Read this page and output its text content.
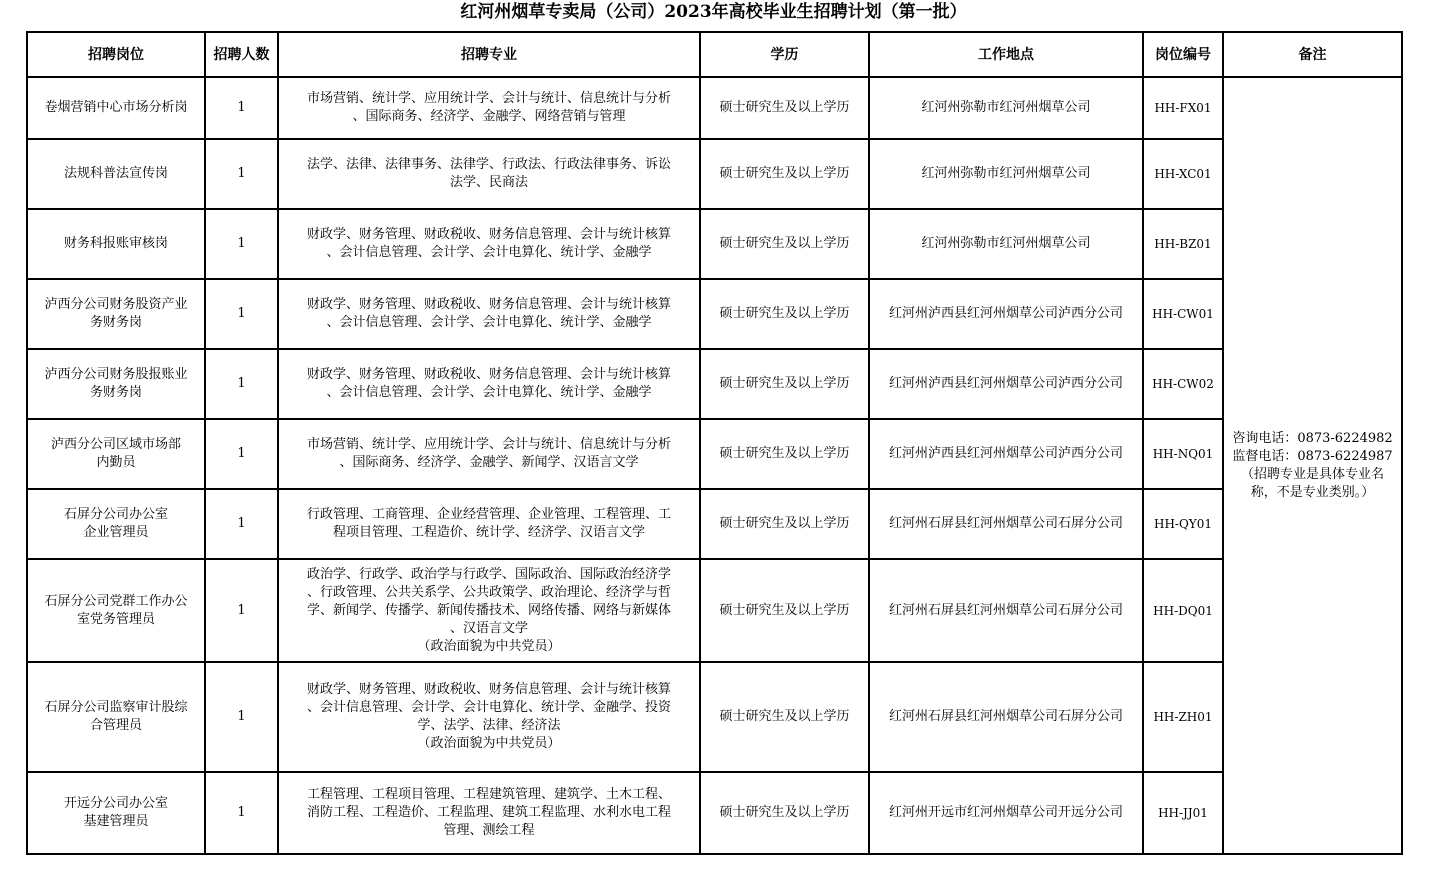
红河州烟草专卖局（公司）2023年高校毕业生招聘计划（第一批）
招聘岗位	招聘人数	招聘专业	学历	工作地点	岗位编号	备注
卷烟营销中心市场分析岗	1	市场营销、统计学、应用统计学、会计与统计、信息统计与分析
、国际商务、经济学、金融学、网络营销与管理	硕士研究生及以上学历	红河州弥勒市红河州烟草公司	HH-FX01	咨询电话：0873-6224982
监督电话：0873-6224987
（招聘专业是具体专业名
称，不是专业类别。）
法规科普法宣传岗	1	法学、法律、法律事务、法律学、行政法、行政法律事务、诉讼
法学、民商法	硕士研究生及以上学历	红河州弥勒市红河州烟草公司	HH-XC01	
财务科报账审核岗	1	财政学、财务管理、财政税收、财务信息管理、会计与统计核算
、会计信息管理、会计学、会计电算化、统计学、金融学	硕士研究生及以上学历	红河州弥勒市红河州烟草公司	HH-BZ01	
泸西分公司财务股资产业
务财务岗	1	财政学、财务管理、财政税收、财务信息管理、会计与统计核算
、会计信息管理、会计学、会计电算化、统计学、金融学	硕士研究生及以上学历	红河州泸西县红河州烟草公司泸西分公司	HH-CW01	
泸西分公司财务股报账业
务财务岗	1	财政学、财务管理、财政税收、财务信息管理、会计与统计核算
、会计信息管理、会计学、会计电算化、统计学、金融学	硕士研究生及以上学历	红河州泸西县红河州烟草公司泸西分公司	HH-CW02	
泸西分公司区域市场部
内勤员	1	市场营销、统计学、应用统计学、会计与统计、信息统计与分析
、国际商务、经济学、金融学、新闻学、汉语言文学	硕士研究生及以上学历	红河州泸西县红河州烟草公司泸西分公司	HH-NQ01	
石屏分公司办公室
企业管理员	1	行政管理、工商管理、企业经营管理、企业管理、工程管理、工
程项目管理、工程造价、统计学、经济学、汉语言文学	硕士研究生及以上学历	红河州石屏县红河州烟草公司石屏分公司	HH-QY01	
石屏分公司党群工作办公
室党务管理员	1	政治学、行政学、政治学与行政学、国际政治、国际政治经济学
、行政管理、公共关系学、公共政策学、政治理论、经济学与哲
学、新闻学、传播学、新闻传播技术、网络传播、网络与新媒体
、汉语言文学
（政治面貌为中共党员）	硕士研究生及以上学历	红河州石屏县红河州烟草公司石屏分公司	HH-DQ01	
石屏分公司监察审计股综
合管理员	1	财政学、财务管理、财政税收、财务信息管理、会计与统计核算
、会计信息管理、会计学、会计电算化、统计学、金融学、投资
学、法学、法律、经济法
（政治面貌为中共党员）	硕士研究生及以上学历	红河州石屏县红河州烟草公司石屏分公司	HH-ZH01	
开远分公司办公室
基建管理员	1	工程管理、工程项目管理、工程建筑管理、建筑学、土木工程、
消防工程、工程造价、工程监理、建筑工程监理、水利水电工程
管理、测绘工程	硕士研究生及以上学历	红河州开远市红河州烟草公司开远分公司	HH-JJ01	
